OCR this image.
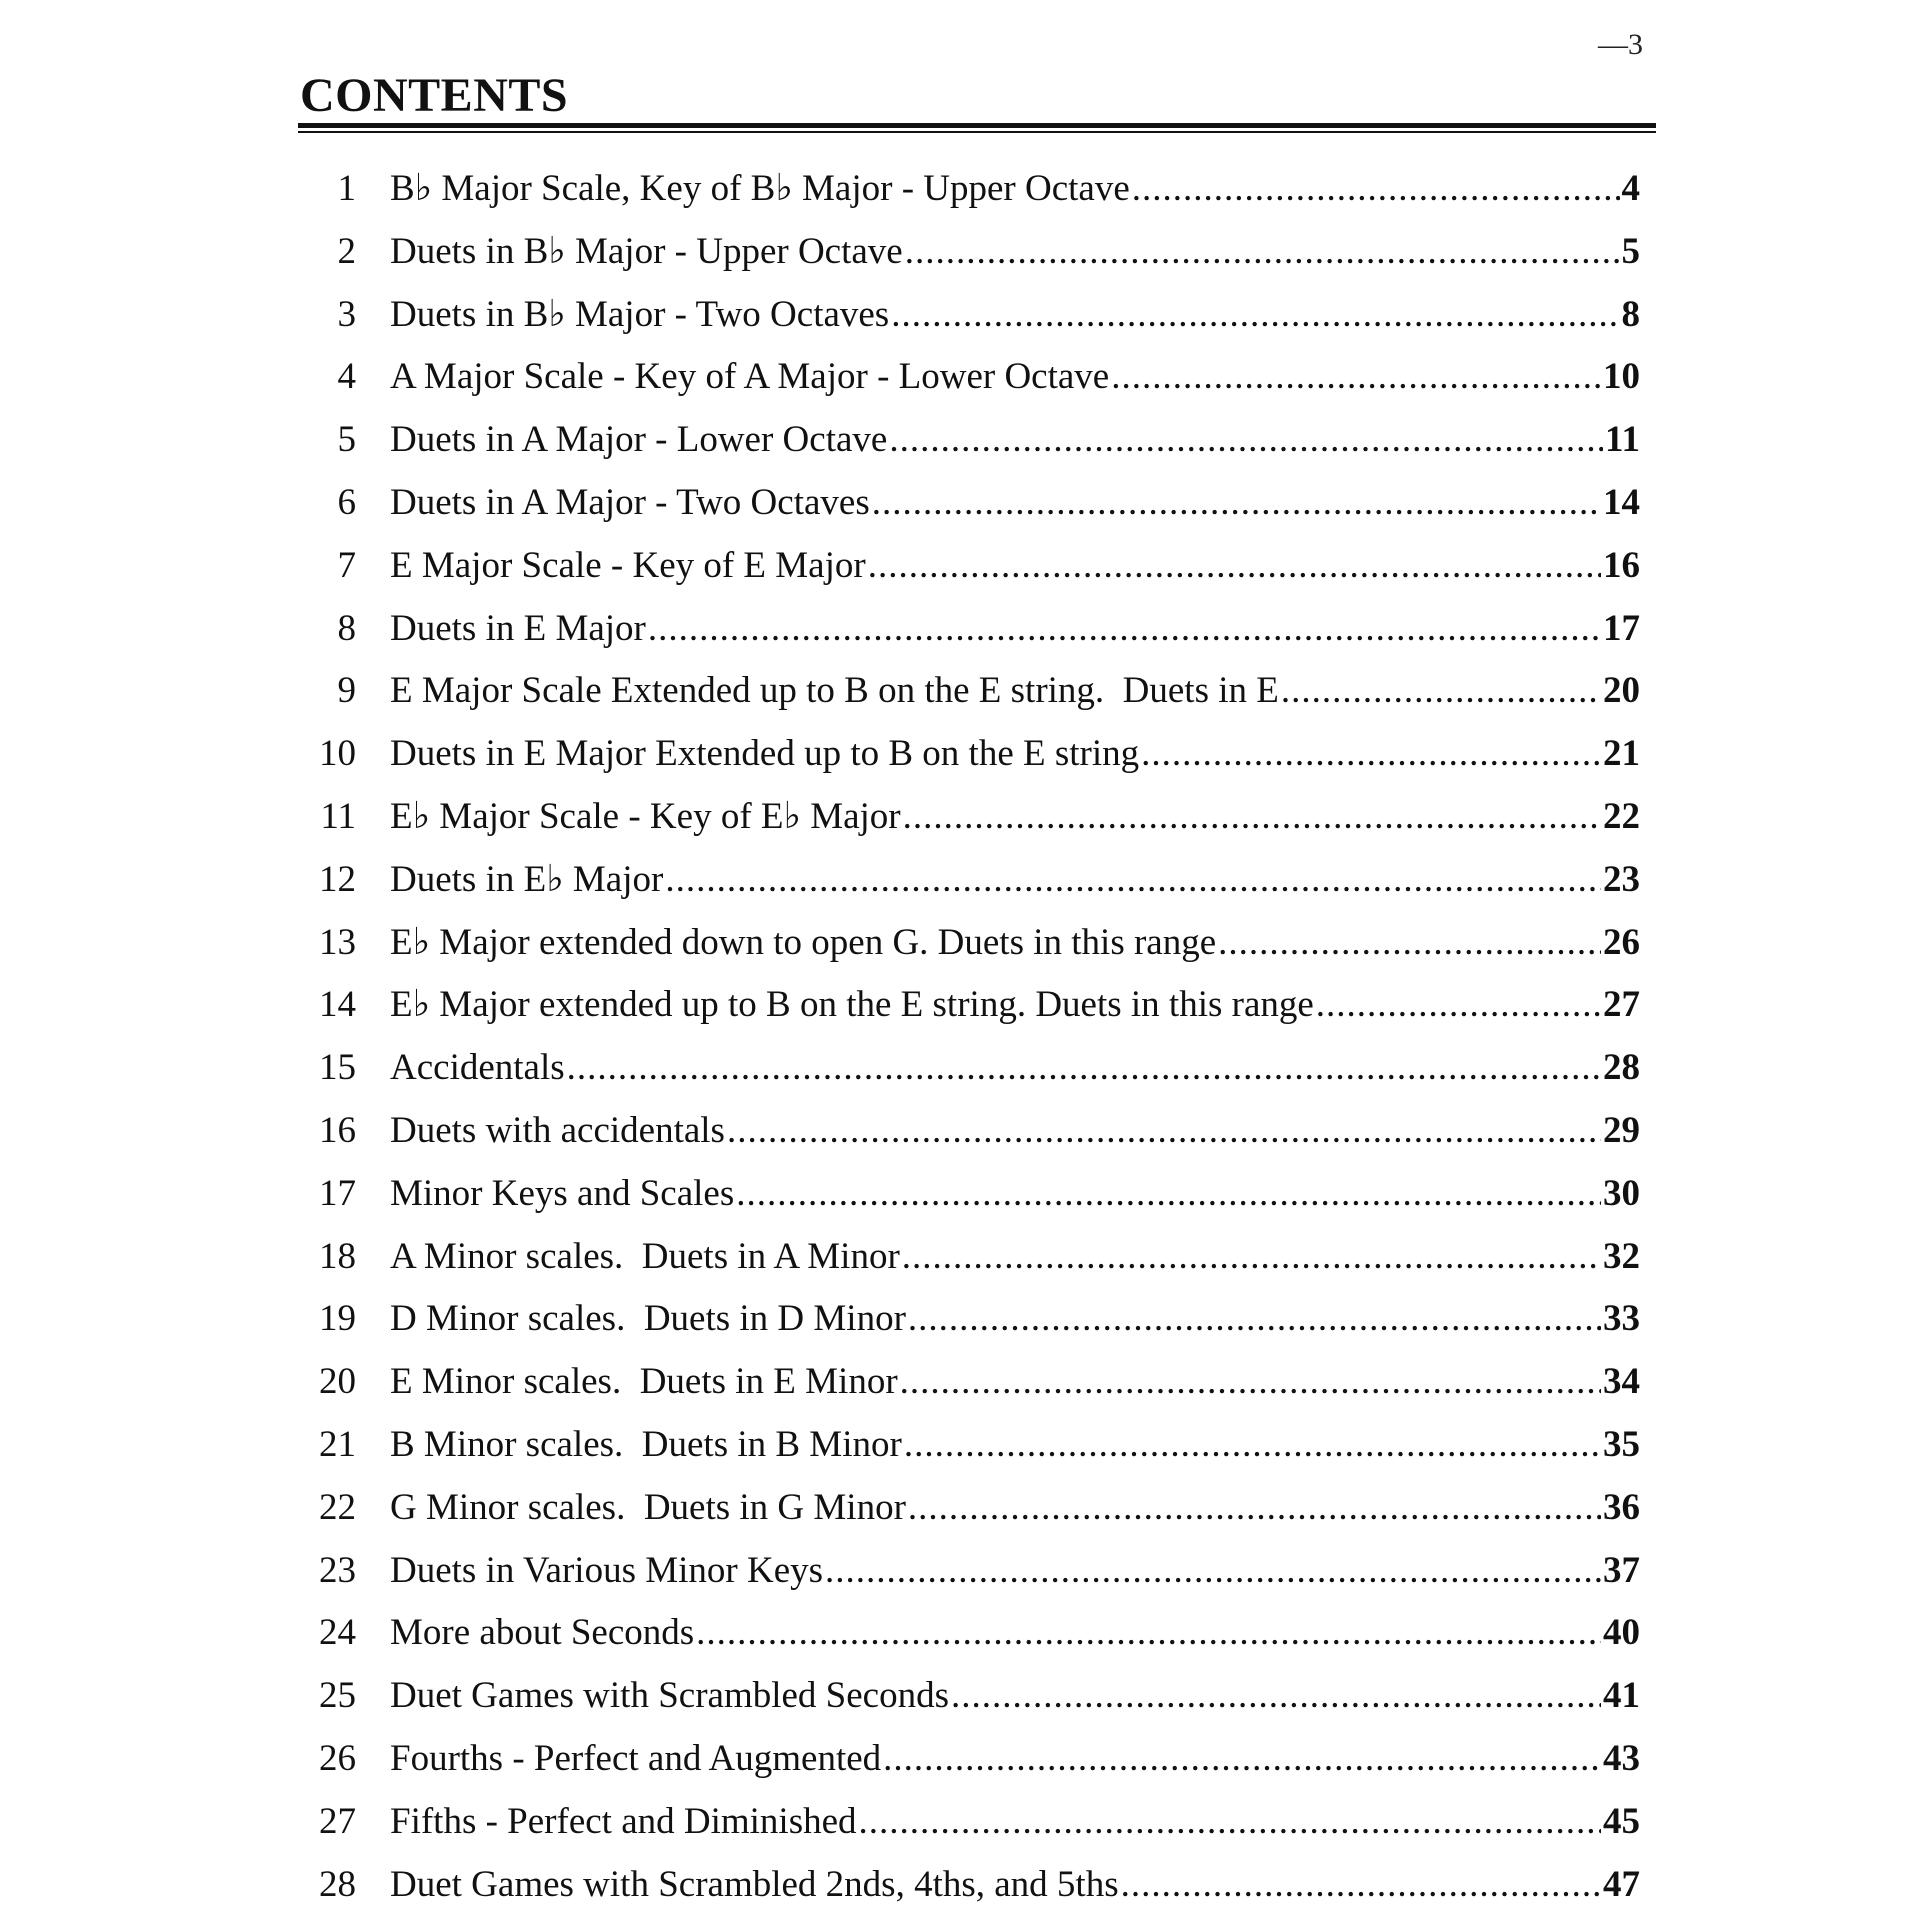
—3
CONTENTS
1 B♭ Major Scale, Key of B♭ Major - Upper Octave .....	4
2 Duets in B♭ Major - Upper Octave .....	5
3 Duets in B♭ Major - Two Octaves .....	8
4 A Major Scale - Key of A Major - Lower Octave .....	10
5 Duets in A Major - Lower Octave .....	11
6 Duets in A Major - Two Octaves .....	14
7 E Major Scale - Key of E Major .....	16
8 Duets in E Major .....	17
9 E Major Scale Extended up to B on the E string.  Duets in E .....	20
10 Duets in E Major Extended up to B on the E string .....	21
11 E♭ Major Scale - Key of E♭ Major .....	22
12 Duets in E♭ Major .....	23
13 E♭ Major extended down to open G. Duets in this range .....	26
14 E♭ Major extended up to B on the E string. Duets in this range .....	27
15 Accidentals .....	28
16 Duets with accidentals .....	29
17 Minor Keys and Scales .....	30
18 A Minor scales.  Duets in A Minor .....	32
19 D Minor scales.  Duets in D Minor .....	33
20 E Minor scales.  Duets in E Minor .....	34
21 B Minor scales.  Duets in B Minor .....	35
22 G Minor scales.  Duets in G Minor .....	36
23 Duets in Various Minor Keys .....	37
24 More about Seconds .....	40
25 Duet Games with Scrambled Seconds .....	41
26 Fourths - Perfect and Augmented .....	43
27 Fifths - Perfect and Diminished .....	45
28 Duet Games with Scrambled 2nds, 4ths, and 5ths .....	47
